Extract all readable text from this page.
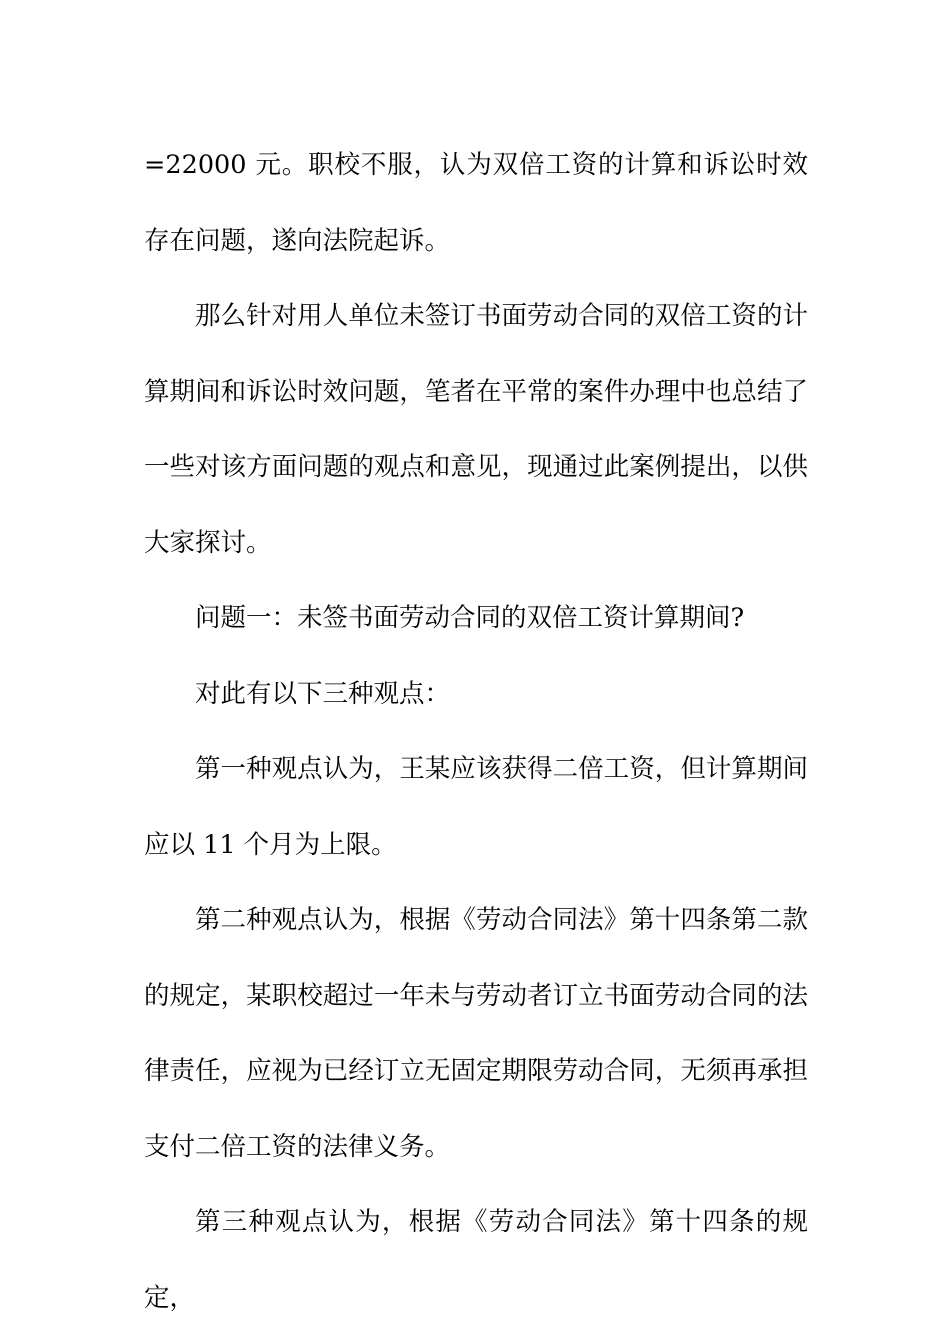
=22000 元。职校不服，认为双倍工资的计算和诉讼时效存在问题，遂向法院起诉。

那么针对用人单位未签订书面劳动合同的双倍工资的计算期间和诉讼时效问题，笔者在平常的案件办理中也总结了一些对该方面问题的观点和意见，现通过此案例提出，以供大家探讨。

问题一：未签书面劳动合同的双倍工资计算期间?

对此有以下三种观点：

第一种观点认为，王某应该获得二倍工资，但计算期间应以 11 个月为上限。

第二种观点认为，根据《劳动合同法》第十四条第二款的规定，某职校超过一年未与劳动者订立书面劳动合同的法律责任，应视为已经订立无固定期限劳动合同，无须再承担支付二倍工资的法律义务。

第三种观点认为，根据《劳动合同法》第十四条的规定，
